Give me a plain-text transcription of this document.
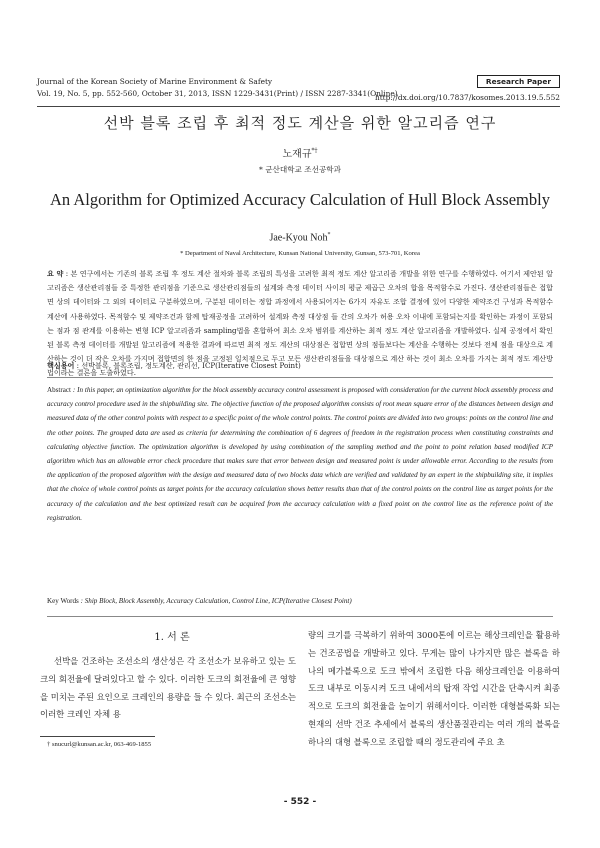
Journal of the Korean Society of Marine Environment & Safety
Vol. 19, No. 5, pp. 552-560, October 31, 2013, ISSN 1229-3431(Print) / ISSN 2287-3341(Online)
Research Paper
http://dx.doi.org/10.7837/kosomes.2013.19.5.552
선박 블록 조립 후 최적 정도 계산을 위한 알고리즘 연구
노재규*†
* 군산대학교 조선공학과
An Algorithm for Optimized Accuracy Calculation of Hull Block Assembly
Jae-Kyou Noh*
* Department of Naval Architecture, Kunsan National University, Gunsan, 573-701, Korea
요 약 : 본 연구에서는 기존의 블록 조립 후 정도 계산 절차와 블록 조립의 특성을 고려한 최적 정도 계산 알고리즘 개발을 위한 연구를 수행하였다. 여기서 제안된 알고리즘은 생산관리점들 중 특정한 관리점을 기준으로 생산관리점들의 설계와 측정 데이터 사이의 평균 제곱근 오차의 합을 목적함수로 가진다. 생산관리점들은 접합면 상의 데이터와 그 외의 데이터로 구분하였으며, 구분된 데이터는 정합 과정에서 사용되어지는 6가지 자유도 조합 결정에 있어 다양한 제약조건 구성과 목적함수 계산에 사용하였다. 목적함수 및 제약조건과 함께 탑재공정을 고려하여 설계와 측정 대상점 들 간의 오차가 허용 오차 이내에 포함되는지를 확인하는 과정이 포함되는 점과 점 관계를 이용하는 변형 ICP 알고리즘과 sampling법을 혼합하여 최소 오차 범위를 계산하는 최적 정도 계산 알고리즘을 개발하였다. 실제 공정에서 확인된 블록 측정 데이터를 개발된 알고리즘에 적용한 결과에 따르면 최적 정도 계산의 대상점은 접합면 상의 점들보다는 계산을 수행하는 것보다 전체 점을 대상으로 계산하는 것이 더 작은 오차를 가지며 접합면의 한 점을 고정된 일치점으로 두고 모든 생산관리점들을 대상점으로 계산 하는 것이 최소 오차를 가지는 최적 정도 계산방법이라는 결론을 도출하였다.
핵심용어 : 선박블록, 블록조립, 정도계산, 관리선, ICP(Iterative Closest Point)
Abstract : In this paper, an optimization algorithm for the block assembly accuracy control assessment is proposed with consideration for the current block assembly process and accuracy control procedure used in the shipbuilding site. The objective function of the proposed algorithm consists of root mean square error of the distances between design and measured data of the other control points with respect to a specific point of the whole control points. The control points are divided into two groups: points on the control line and the other points. The grouped data are used as criteria for determining the combination of 6 degrees of freedom in the registration process when constituting constraints and calculating objective function. The optimization algorithm is developed by using combination of the sampling method and the point to point relation based modified ICP algorithm which has an allowable error check procedure that makes sure that error between design and measured point is under allowable error. According to the results from the application of the proposed algorithm with the design and measured data of two blocks data which are verified and validated by an expert in the shipbuilding site, it implies that the choice of whole control points as target points for the accuracy calculation shows better results than that of the control points on the control line as target points for the accuracy of the calculation and the best optimized result can be acquired from the accuracy calculation with a fixed point on the control line as the reference point of the registration.
Key Words : Ship Block, Block Assembly, Accuracy Calculation, Control Line, ICP(Iterative Closest Point)
1. 서 론
선박을 건조하는 조선소의 생산성은 각 조선소가 보유하고 있는 도크의 회전율에 달려있다고 할 수 있다. 이러한 도크의 회전율에 큰 영향을 미치는 주된 요인으로 크레인의 용량을 들 수 있다. 최근의 조선소는 이러한 크레인 자체 용
량의 크기를 극복하기 위하여 3000톤에 이르는 해상크레인을 활용하는 건조공법을 개발하고 있다. 무게는 많이 나가지만 많은 블록을 하나의 메가블록으로 도크 밖에서 조립한 다음 해상크레인을 이용하여 도크 내부로 이동시켜 도크 내에서의 탑재 작업 시간을 단축시켜 최종적으로 도크의 회전율을 높이기 위해서이다. 이러한 대형블록화 되는 현재의 선박 건조 추세에서 블록의 생산품질관리는 여러 개의 블록을 하나의 대형 블록으로 조립할 때의 정도관리에 주요 초
† snucurl@kunsan.ac.kr, 063-469-1855
- 552 -
